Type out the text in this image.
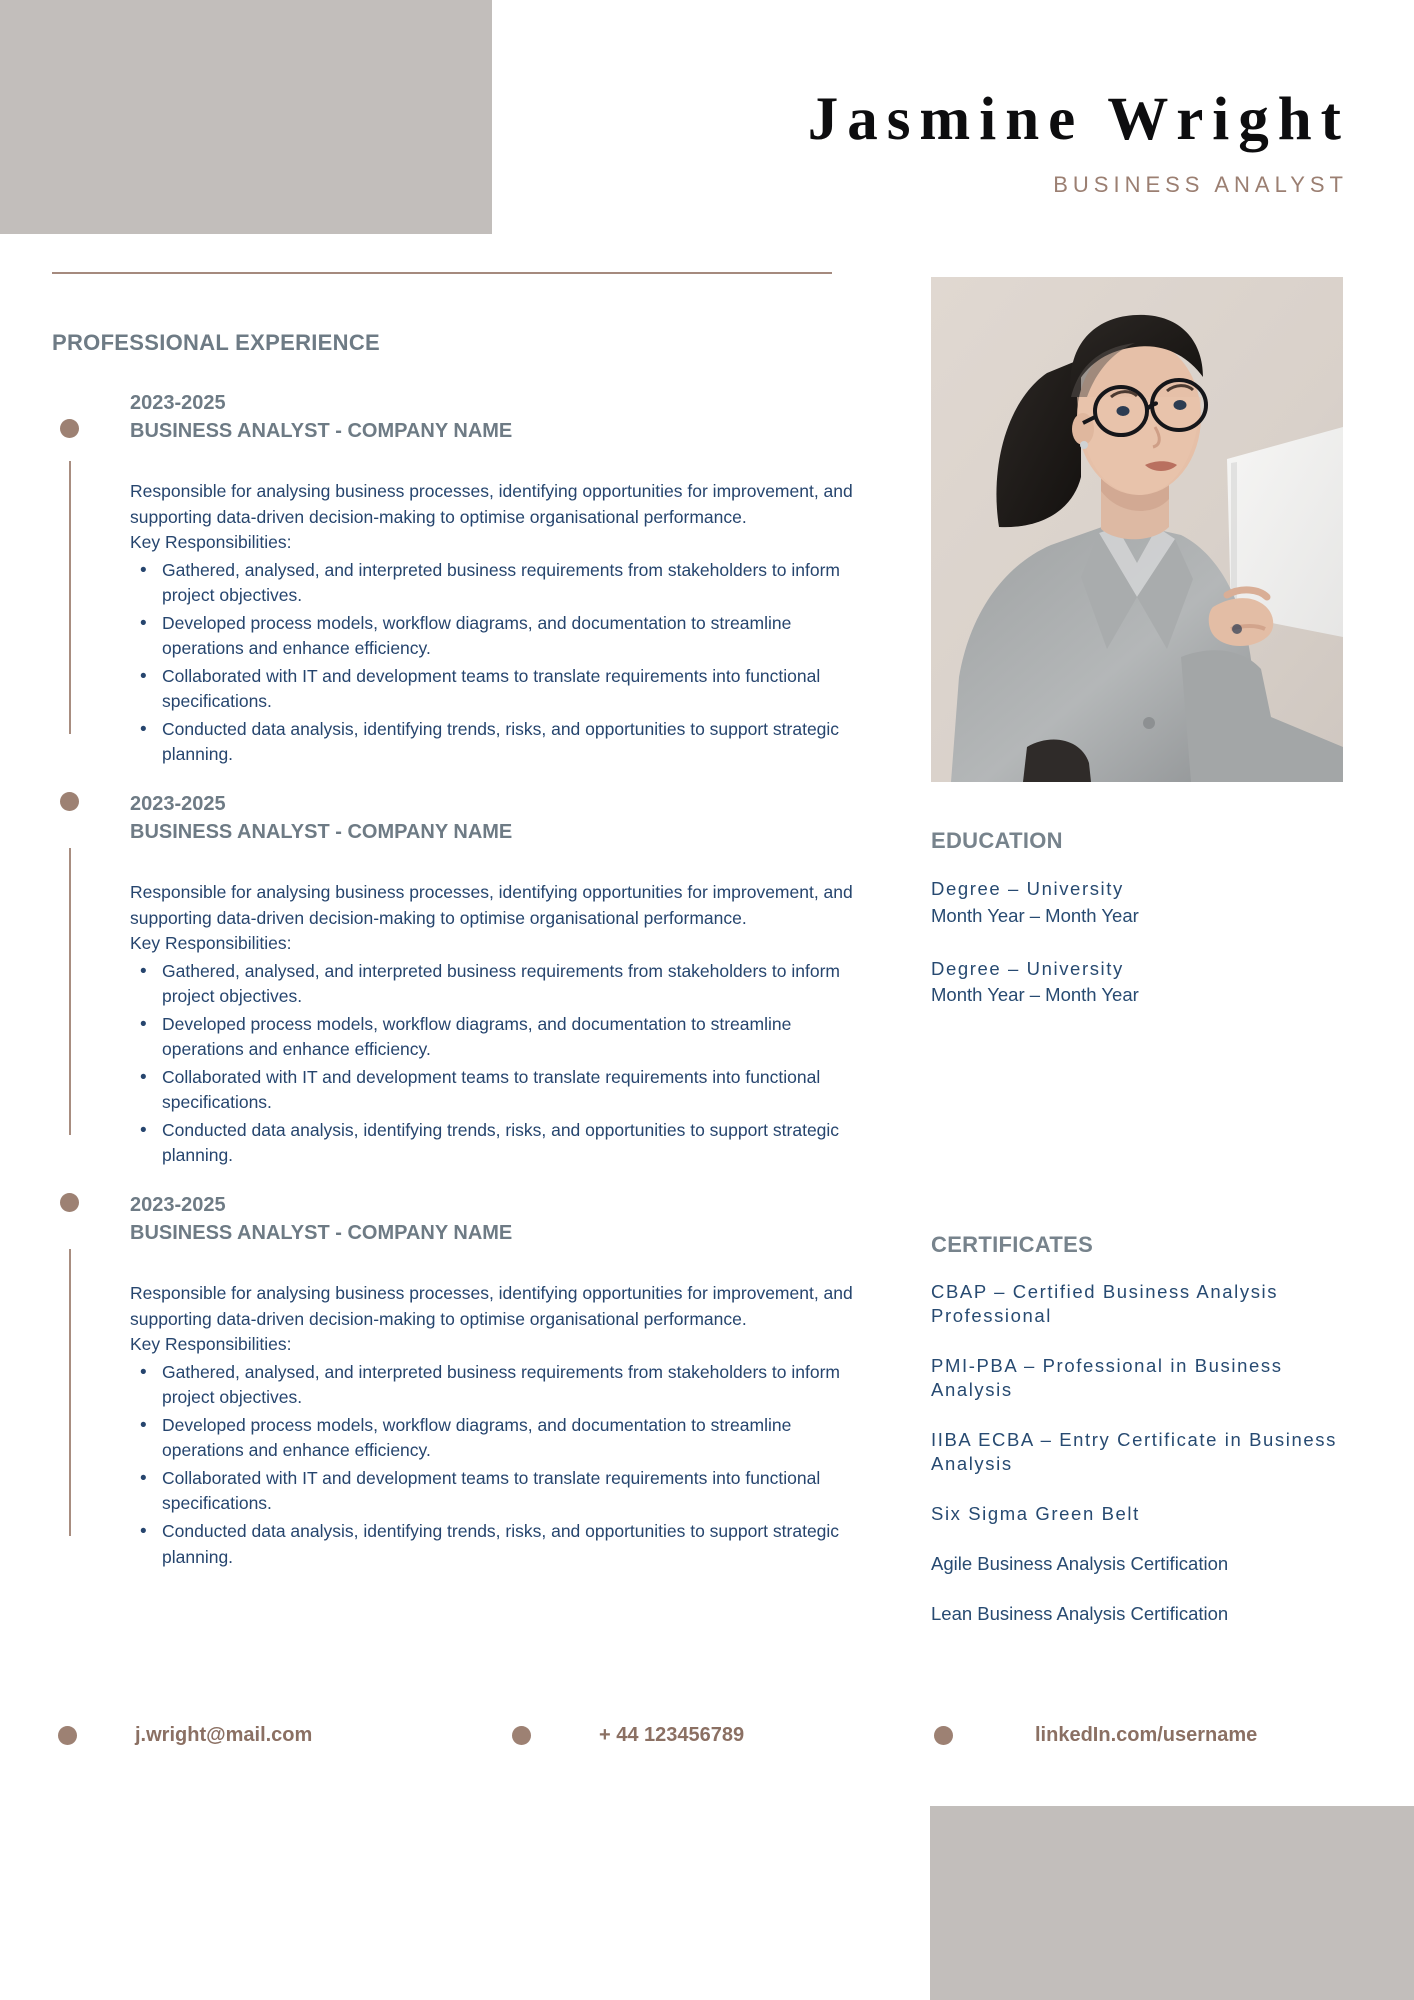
Jasmine Wright
BUSINESS ANALYST
PROFESSIONAL EXPERIENCE
2023-2025
BUSINESS ANALYST - COMPANY NAME
Responsible for analysing business processes, identifying opportunities for improvement, and supporting data-driven decision-making to optimise organisational performance.
Key Responsibilities:
• Gathered, analysed, and interpreted business requirements from stakeholders to inform project objectives.
• Developed process models, workflow diagrams, and documentation to streamline operations and enhance efficiency.
• Collaborated with IT and development teams to translate requirements into functional specifications.
• Conducted data analysis, identifying trends, risks, and opportunities to support strategic planning.
2023-2025
BUSINESS ANALYST - COMPANY NAME
Responsible for analysing business processes, identifying opportunities for improvement, and supporting data-driven decision-making to optimise organisational performance.
Key Responsibilities:
• Gathered, analysed, and interpreted business requirements from stakeholders to inform project objectives.
• Developed process models, workflow diagrams, and documentation to streamline operations and enhance efficiency.
• Collaborated with IT and development teams to translate requirements into functional specifications.
• Conducted data analysis, identifying trends, risks, and opportunities to support strategic planning.
2023-2025
BUSINESS ANALYST - COMPANY NAME
Responsible for analysing business processes, identifying opportunities for improvement, and supporting data-driven decision-making to optimise organisational performance.
Key Responsibilities:
• Gathered, analysed, and interpreted business requirements from stakeholders to inform project objectives.
• Developed process models, workflow diagrams, and documentation to streamline operations and enhance efficiency.
• Collaborated with IT and development teams to translate requirements into functional specifications.
• Conducted data analysis, identifying trends, risks, and opportunities to support strategic planning.
EDUCATION
Degree – University
Month Year – Month Year
Degree – University
Month Year – Month Year
CERTIFICATES
CBAP – Certified Business Analysis Professional
PMI-PBA – Professional in Business Analysis
IIBA ECBA – Entry Certificate in Business Analysis
Six Sigma Green Belt
Agile Business Analysis Certification
Lean Business Analysis Certification
j.wright@mail.com	+ 44 123456789	linkedIn.com/username
